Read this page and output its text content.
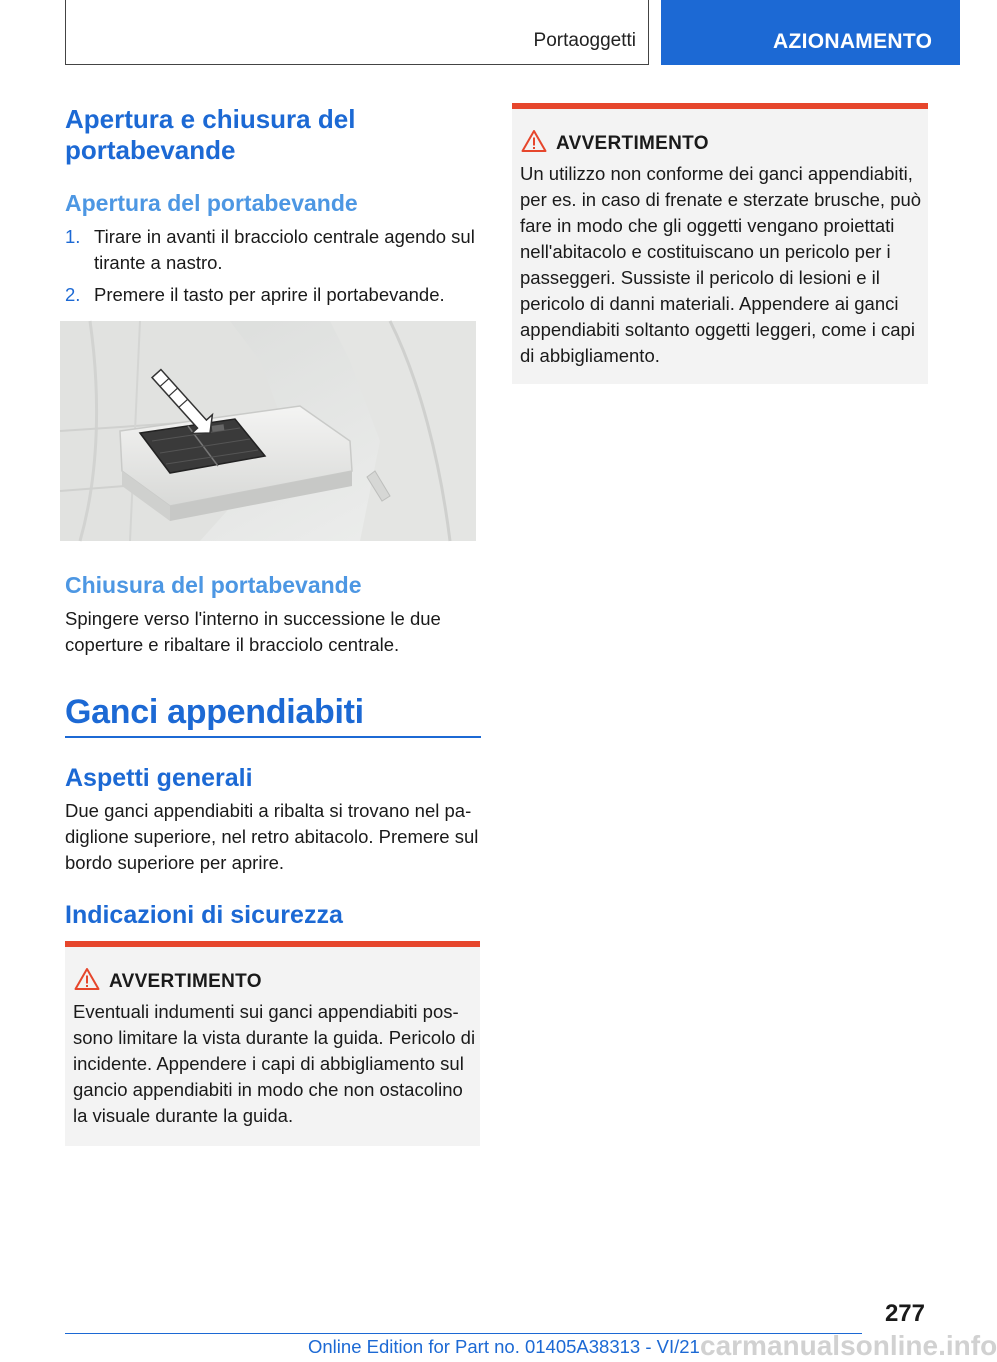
Portaoggetti	AZIONAMENTO
Apertura e chiusura del portabevande
Apertura del portabevande
1. Tirare in avanti il bracciolo centrale agendo sul tirante a nastro.
2. Premere il tasto per aprire il portabevande.
Chiusura del portabevande
Spingere verso l'interno in successione le due coperture e ribaltare il bracciolo centrale.
Ganci appendiabiti
Aspetti generali
Due ganci appendiabiti a ribalta si trovano nel padiglione superiore, nel retro abitacolo. Premere sul bordo superiore per aprire.
Indicazioni di sicurezza
AVVERTIMENTO
Eventuali indumenti sui ganci appendiabiti possono limitare la vista durante la guida. Pericolo di incidente. Appendere i capi di abbigliamento sul gancio appendiabiti in modo che non ostacolino la visuale durante la guida.
AVVERTIMENTO
Un utilizzo non conforme dei ganci appendiabiti, per es. in caso di frenate e sterzate brusche, può fare in modo che gli oggetti vengano proiettati nell'abitacolo e costituiscano un pericolo per i passeggeri. Sussiste il pericolo di lesioni e il pericolo di danni materiali. Appendere ai ganci appendiabiti soltanto oggetti leggeri, come i capi di abbigliamento.
277
Online Edition for Part no. 01405A38313 - VI/21 carmanualsonline.info
